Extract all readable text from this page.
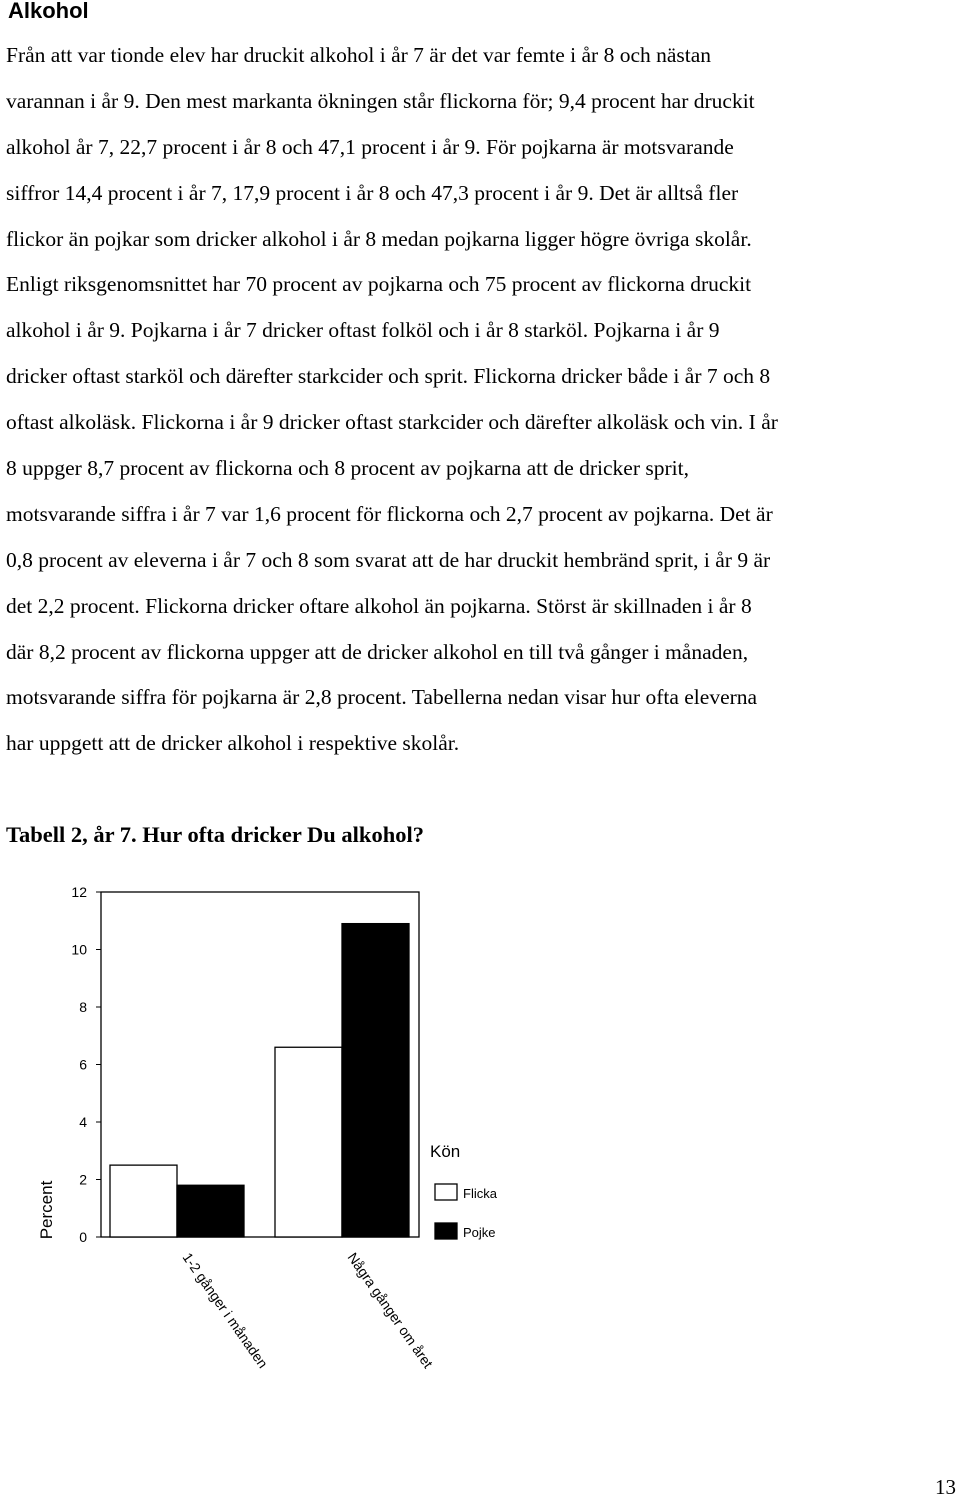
Alkohol
Från att var tionde elev har druckit alkohol i år 7 är det var femte i år 8 och nästan
varannan i år 9. Den mest markanta ökningen står flickorna för; 9,4 procent har druckit
alkohol år 7, 22,7 procent i år 8 och 47,1 procent i år 9. För pojkarna är motsvarande
siffror 14,4 procent i år 7, 17,9 procent i år 8 och 47,3 procent i år 9. Det är alltså fler
flickor än pojkar som dricker alkohol i år 8 medan pojkarna ligger högre övriga skolår.
Enligt riksgenomsnittet har 70 procent av pojkarna och 75 procent av flickorna druckit
alkohol i år 9. Pojkarna i år 7 dricker oftast folköl och i år 8 starköl. Pojkarna i år 9
dricker oftast starköl och därefter starkcider och sprit. Flickorna dricker både i år 7 och 8
oftast alkoläsk. Flickorna i år 9 dricker oftast starkcider och därefter alkoläsk och vin. I år
8 uppger 8,7 procent av flickorna och 8 procent av pojkarna att de dricker sprit,
motsvarande siffra i år 7 var 1,6 procent för flickorna och 2,7 procent av pojkarna. Det är
0,8 procent av eleverna i år 7 och 8 som svarat att de har druckit hembränd sprit, i år 9 är
det 2,2 procent. Flickorna dricker oftare alkohol än pojkarna. Störst är skillnaden i år 8
där 8,2 procent av flickorna uppger att de dricker alkohol en till två gånger i månaden,
motsvarande siffra för pojkarna är 2,8 procent. Tabellerna nedan visar hur ofta eleverna
har uppgett att de dricker alkohol i respektive skolår.
Tabell 2, år 7. Hur ofta dricker Du alkohol?
0
2
4
6
8
10
12
Percent
1-2 gånger i månaden	Några gånger om året
Kön
Flicka
Pojke
13
